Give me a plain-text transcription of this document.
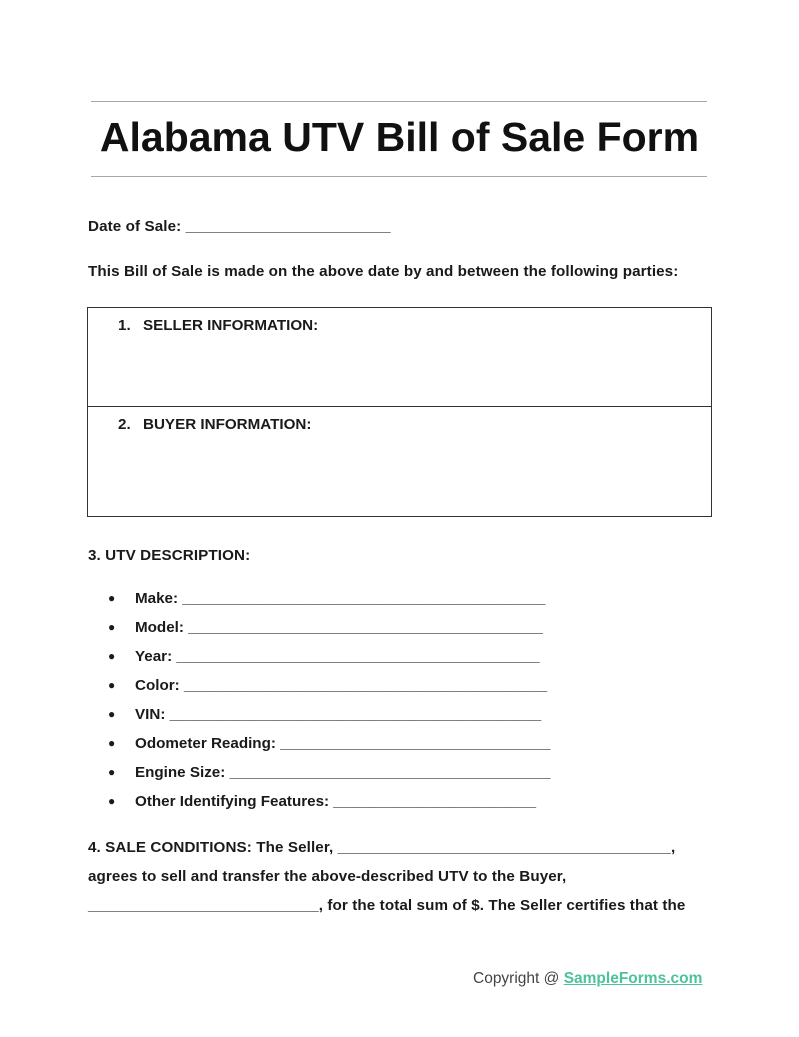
Alabama UTV Bill of Sale Form
Date of Sale: ________________________
This Bill of Sale is made on the above date by and between the following parties:
1. SELLER INFORMATION:
2. BUYER INFORMATION:
3. UTV DESCRIPTION:
● Make: ___________________________________________
● Model: __________________________________________
● Year: ___________________________________________
● Color: ___________________________________________
● VIN: ____________________________________________
● Odometer Reading: ________________________________
● Engine Size: ______________________________________
● Other Identifying Features: ________________________
4. SALE CONDITIONS: The Seller, _______________________________________,
agrees to sell and transfer the above-described UTV to the Buyer,
___________________________, for the total sum of $. The Seller certifies that the
Copyright @ SampleForms.com
